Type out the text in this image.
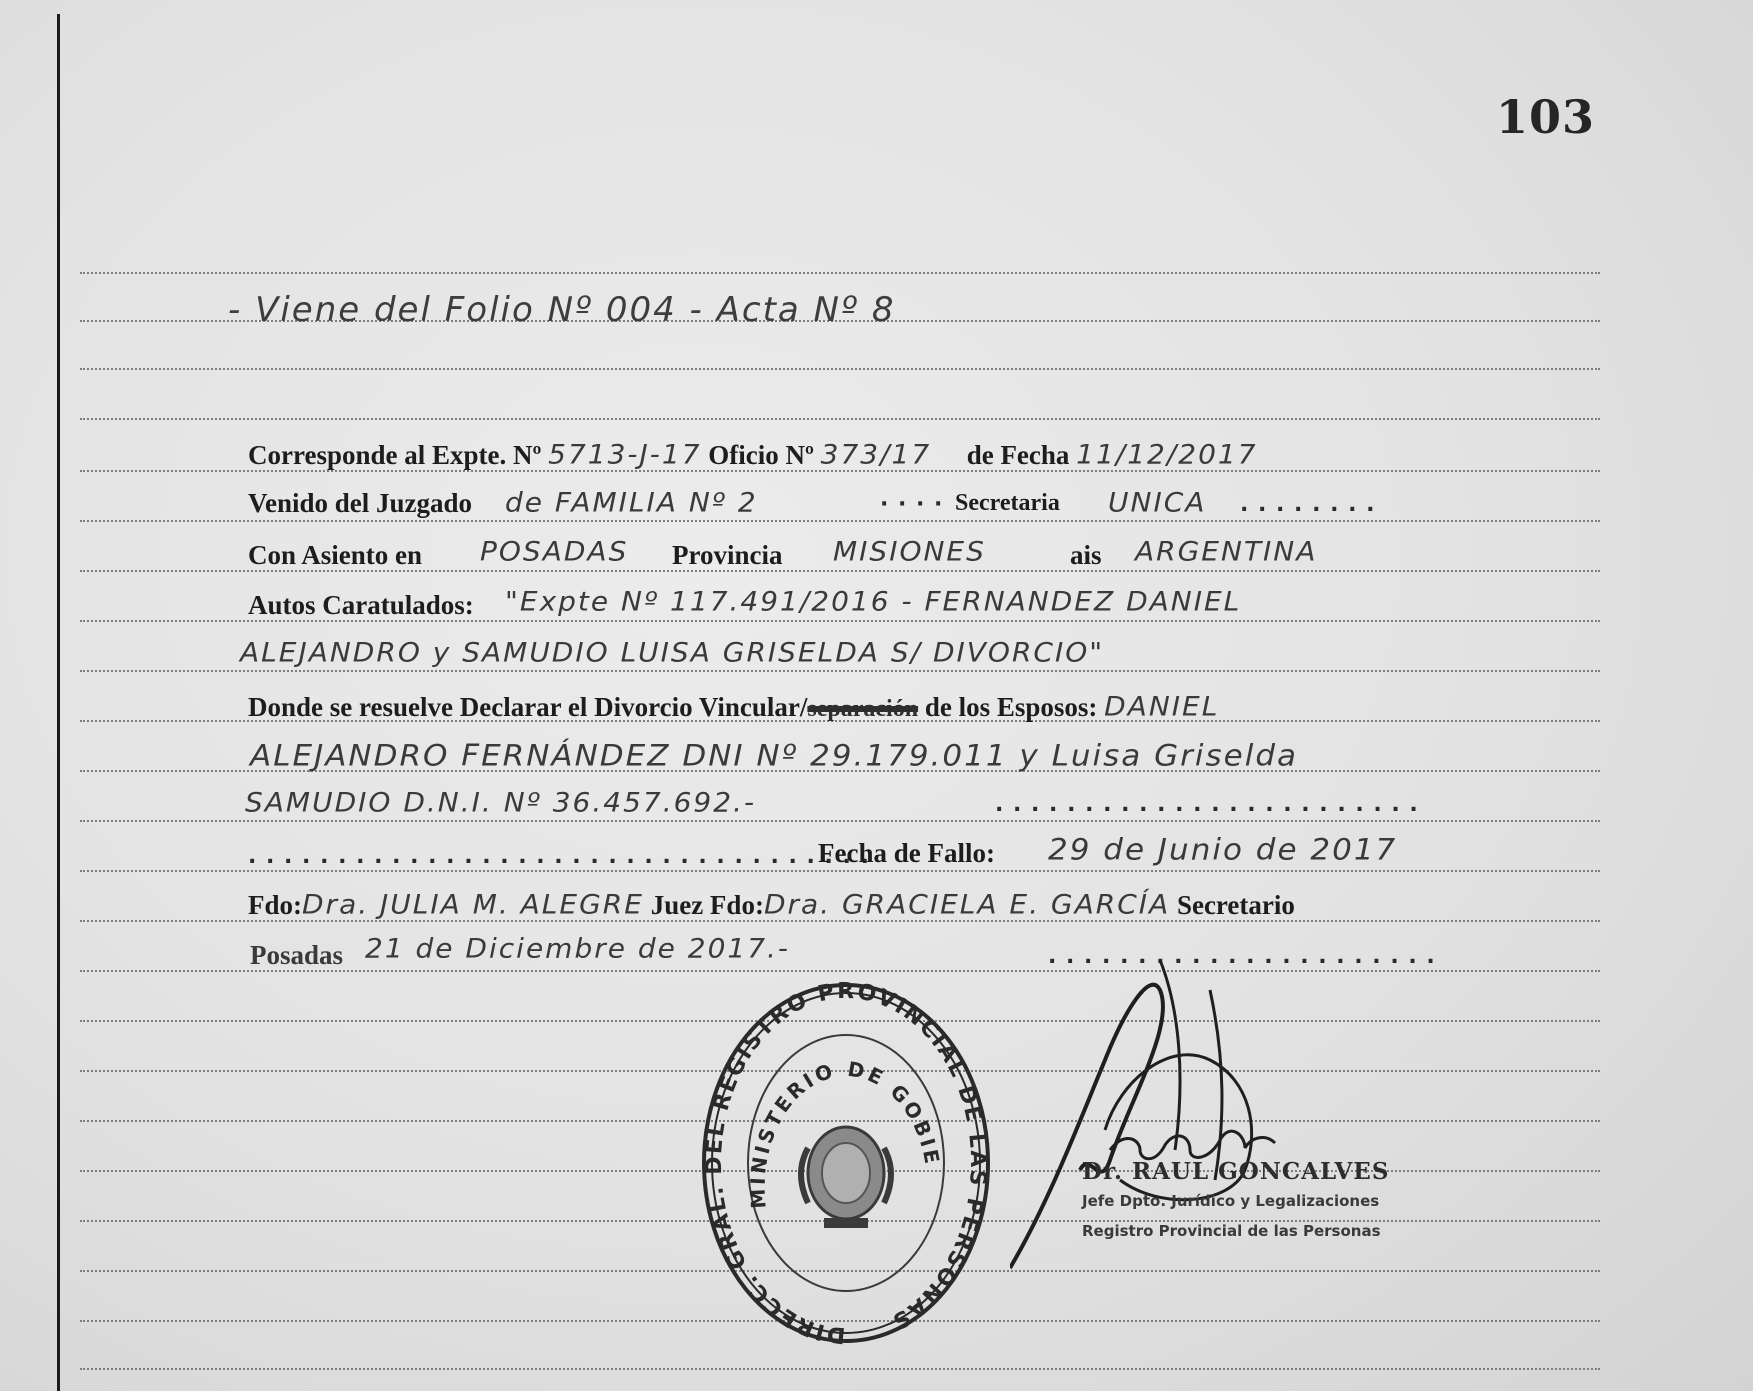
103
- Viene del Folio Nº 004 - Acta Nº 8
Corresponde al Expte. Nº 5713-J-17 Oficio Nº 373/17 de Fecha 11/12/2017
Venido del Juzgado de FAMILIA Nº 2	· · · · Secretaria UNICA . . . . . . . .
Con Asiento en POSADAS Provincia MISIONES	ais ARGENTINA
Autos Caratulados: "Expte Nº 117.491/2016 - FERNANDEZ DANIEL
ALEJANDRO y SAMUDIO LUISA GRISELDA S/ DIVORCIO"
Donde se resuelve Declarar el Divorcio Vincular/separación de los Esposos: DANIEL
ALEJANDRO FERNÁNDEZ DNI Nº 29.179.011 y Luisa Griselda
SAMUDIO D.N.I. Nº 36.457.692.-	. . . . . . . . . . . . . . . . . . . . . . . .
. . . . . . . . . . . . . . . . . . . . . . . . . . . . . . . . . . .
Fecha de Fallo: 29 de Junio de 2017
Fdo:Dra. JULIA M. ALEGRE Juez Fdo:Dra. GRACIELA E. GARCÍA Secretario
Posadas 21 de Diciembre de 2017.-	. . . . . . . . . . . . . . . . . . . . . .
DIRECC. GRAL. DEL REGISTRO PROVINCIAL DE LAS PERSONAS
MINISTERIO DE GOBIE
Dr. RAUL GONCALVES
Jefe Dpto. Jurídico y Legalizaciones
Registro Provincial de las Personas
